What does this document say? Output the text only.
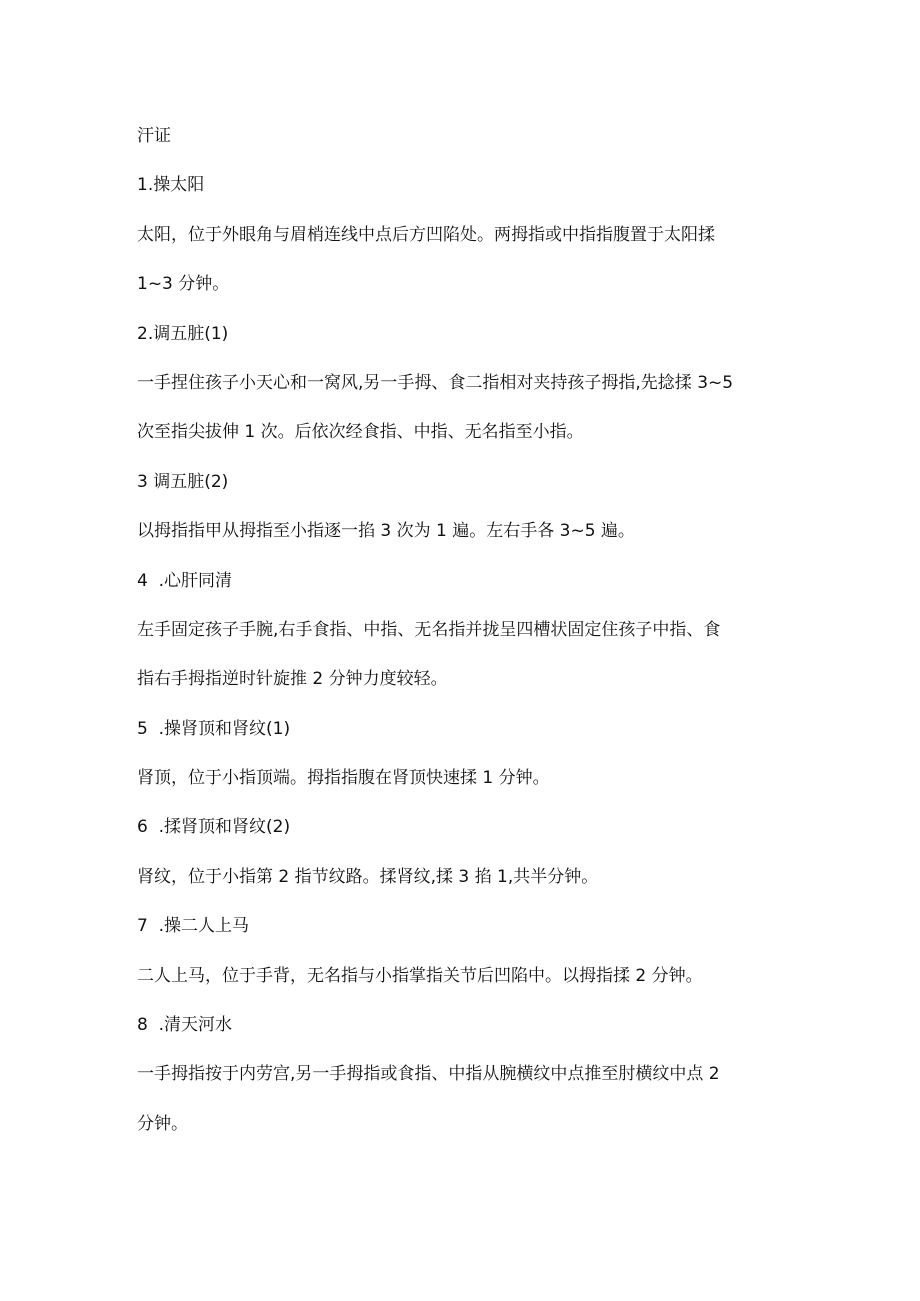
汗证
1.操太阳
太阳，位于外眼角与眉梢连线中点后方凹陷处。两拇指或中指指腹置于太阳揉
1~3 分钟。
2.调五脏(1)
一手捏住孩子小天心和一窝风,另一手拇、食二指相对夹持孩子拇指,先捻揉 3~5
次至指尖拔伸 1 次。后依次经食指、中指、无名指至小指。
3 调五脏(2)
以拇指指甲从拇指至小指逐一掐 3 次为 1 遍。左右手各 3~5 遍。
4  .心肝同清
左手固定孩子手腕,右手食指、中指、无名指并拢呈四槽状固定住孩子中指、食
指右手拇指逆时针旋推 2 分钟力度较轻。
5  .操肾顶和肾纹(1)
肾顶，位于小指顶端。拇指指腹在肾顶快速揉 1 分钟。
6  .揉肾顶和肾纹(2)
肾纹，位于小指第 2 指节纹路。揉肾纹,揉 3 掐 1,共半分钟。
7  .操二人上马
二人上马，位于手背，无名指与小指掌指关节后凹陷中。以拇指揉 2 分钟。
8  .清天河水
一手拇指按于内劳宫,另一手拇指或食指、中指从腕横纹中点推至肘横纹中点 2
分钟。
